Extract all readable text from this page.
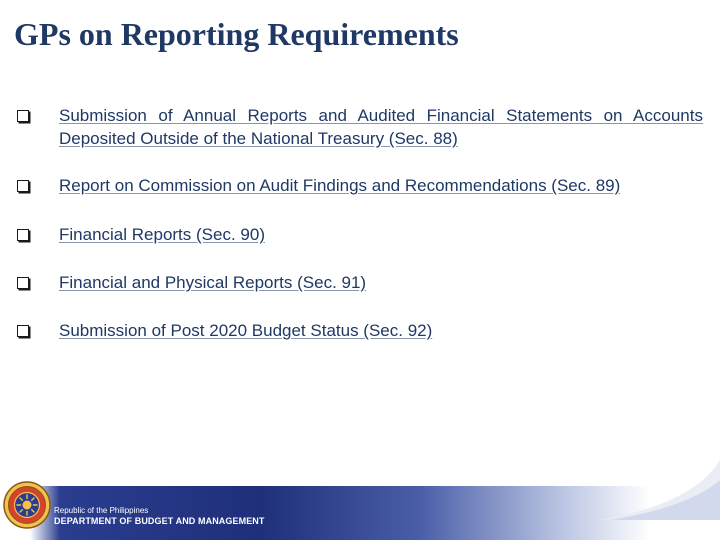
GPs on Reporting Requirements
Submission of Annual Reports and Audited Financial Statements on Accounts Deposited Outside of the National Treasury (Sec. 88)
Report on Commission on Audit Findings and Recommendations (Sec. 89)
Financial Reports (Sec. 90)
Financial and Physical Reports (Sec. 91)
Submission of Post 2020 Budget Status (Sec. 92)
Republic of the Philippines
DEPARTMENT OF BUDGET AND MANAGEMENT
